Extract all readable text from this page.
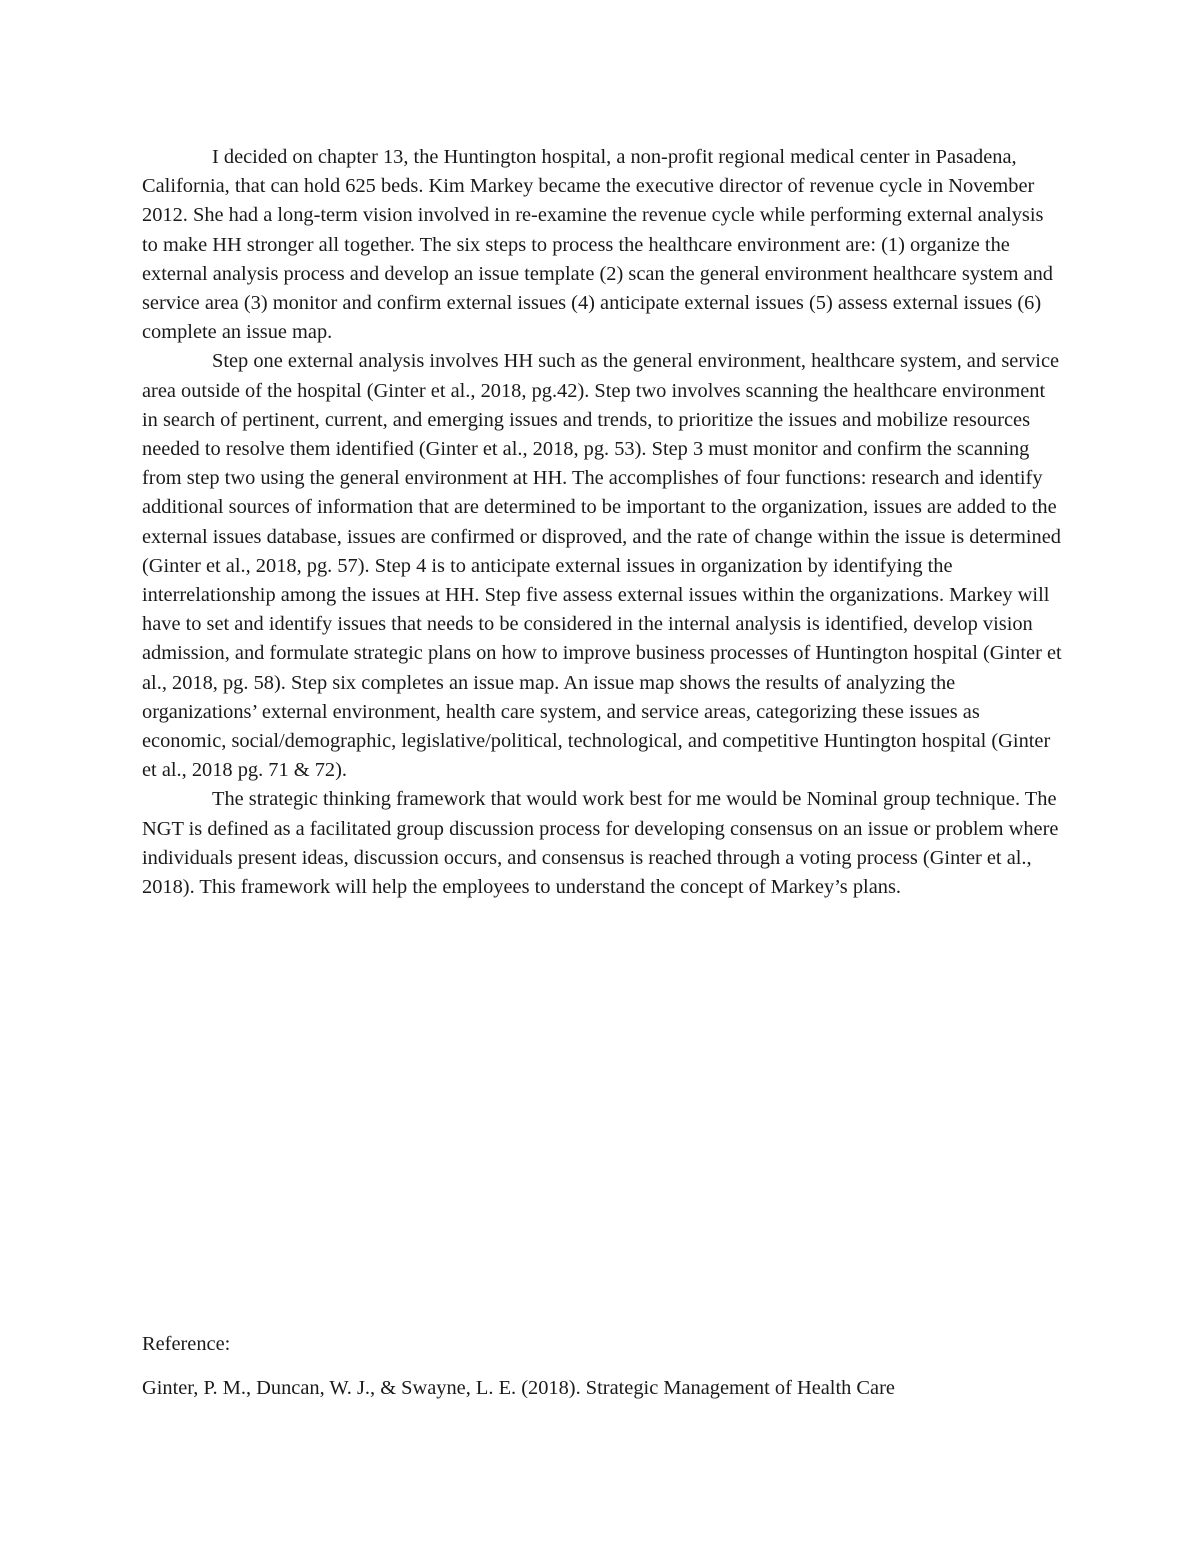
I decided on chapter 13, the Huntington hospital, a non-profit regional medical center in Pasadena, California, that can hold 625 beds. Kim Markey became the executive director of revenue cycle in November 2012. She had a long-term vision involved in re-examine the revenue cycle while performing external analysis to make HH stronger all together. The six steps to process the healthcare environment are: (1) organize the external analysis process and develop an issue template (2) scan the general environment healthcare system and service area (3) monitor and confirm external issues (4) anticipate external issues (5) assess external issues (6) complete an issue map.

Step one external analysis involves HH such as the general environment, healthcare system, and service area outside of the hospital (Ginter et al., 2018, pg.42). Step two involves scanning the healthcare environment in search of pertinent, current, and emerging issues and trends, to prioritize the issues and mobilize resources needed to resolve them identified (Ginter et al., 2018, pg. 53). Step 3 must monitor and confirm the scanning from step two using the general environment at HH. The accomplishes of four functions: research and identify additional sources of information that are determined to be important to the organization, issues are added to the external issues database, issues are confirmed or disproved, and the rate of change within the issue is determined (Ginter et al., 2018, pg. 57). Step 4 is to anticipate external issues in organization by identifying the interrelationship among the issues at HH. Step five assess external issues within the organizations. Markey will have to set and identify issues that needs to be considered in the internal analysis is identified, develop vision admission, and formulate strategic plans on how to improve business processes of Huntington hospital (Ginter et al., 2018, pg. 58). Step six completes an issue map. An issue map shows the results of analyzing the organizations’ external environment, health care system, and service areas, categorizing these issues as economic, social/demographic, legislative/political, technological, and competitive Huntington hospital (Ginter et al., 2018 pg. 71 & 72).

The strategic thinking framework that would work best for me would be Nominal group technique. The NGT is defined as a facilitated group discussion process for developing consensus on an issue or problem where individuals present ideas, discussion occurs, and consensus is reached through a voting process (Ginter et al., 2018). This framework will help the employees to understand the concept of Markey’s plans.

Reference:

Ginter, P. M., Duncan, W. J., & Swayne, L. E. (2018). Strategic Management of Health Care
